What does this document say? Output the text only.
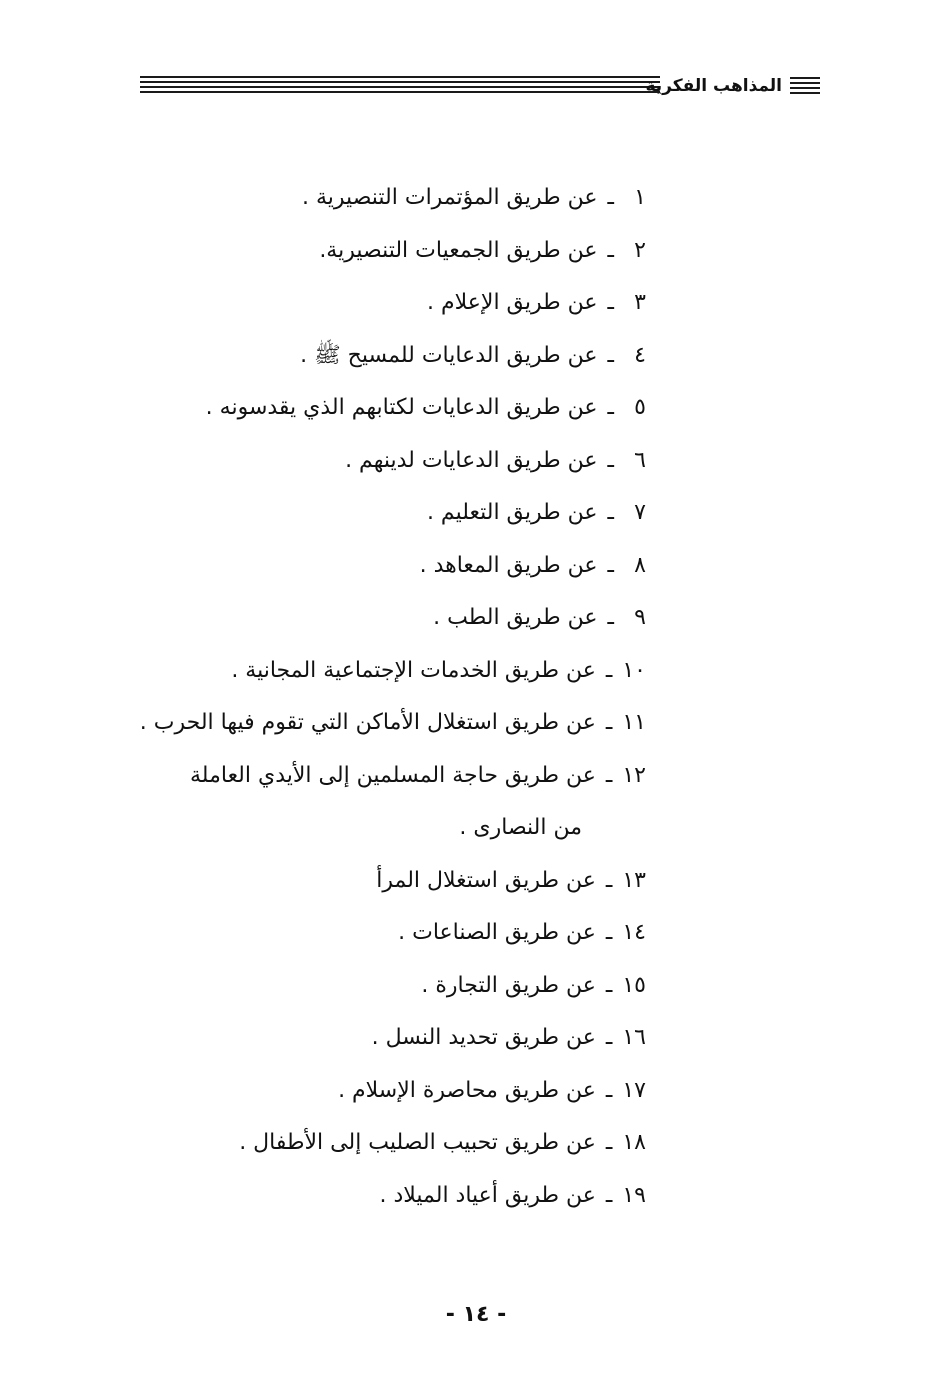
المذاهب الفكرية
١ـعن طريق المؤتمرات التنصيرية .
٢ـعن طريق الجمعيات التنصيرية.
٣ـعن طريق الإعلام .
٤ـعن طريق الدعايات للمسيح ﷺ .
٥ـعن طريق الدعايات لكتابهم الذي يقدسونه .
٦ـعن طريق الدعايات لدينهم .
٧ـعن طريق التعليم .
٨ـعن طريق المعاهد .
٩ـعن طريق الطب .
١٠ـعن طريق الخدمات الإجتماعية المجانية .
١١ـعن طريق استغلال الأماكن التي تقوم فيها الحرب .
١٢ـعن طريق حاجة المسلمين إلى الأيدي العاملة
من النصارى .
١٣ـعن طريق استغلال المرأ
١٤ـعن طريق الصناعات .
١٥ـعن طريق التجارة .
١٦ـعن طريق تحديد النسل .
١٧ـعن طريق محاصرة الإسلام .
١٨ـعن طريق تحبيب الصليب إلى الأطفال .
١٩ـعن طريق أعياد الميلاد .
- ١٤ -
